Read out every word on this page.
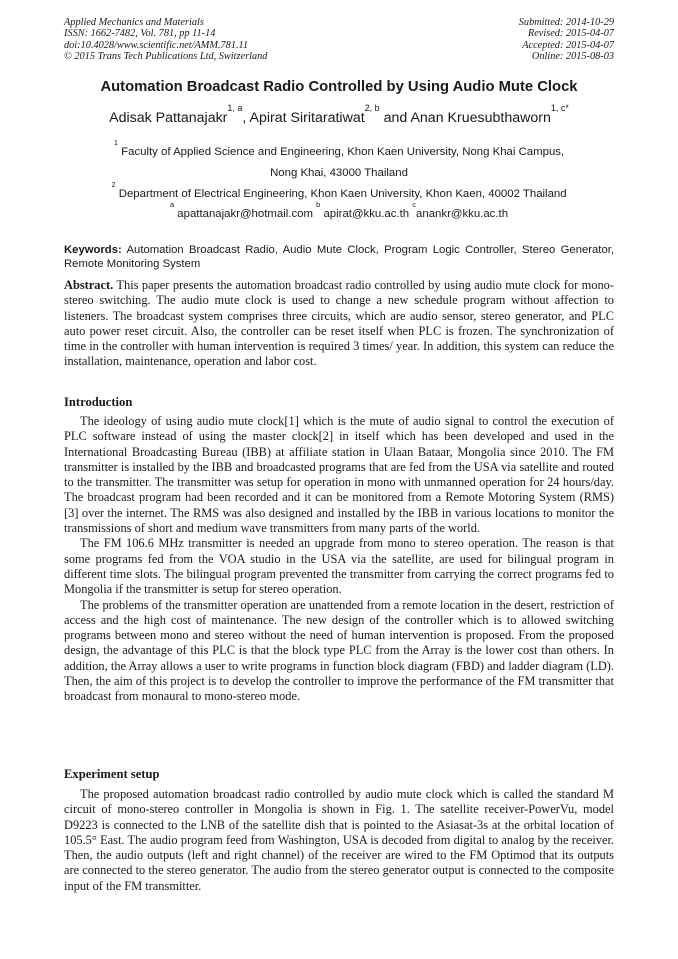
Applied Mechanics and Materials
ISSN: 1662-7482, Vol. 781, pp 11-14
doi:10.4028/www.scientific.net/AMM.781.11
© 2015 Trans Tech Publications Ltd, Switzerland
Submitted: 2014-10-29
Revised: 2015-04-07
Accepted: 2015-04-07
Online: 2015-08-03
Automation Broadcast Radio Controlled by Using Audio Mute Clock
Adisak Pattanajakr$^{1, a}$, Apirat Siritaratiwat$^{2, b}$ and Anan Kruesubthaworn$^{1, c*}$
$^1$ Faculty of Applied Science and Engineering, Khon Kaen University, Nong Khai Campus,
Nong Khai, 43000 Thailand
$^2$ Department of Electrical Engineering, Khon Kaen University, Khon Kaen, 40002 Thailand
$^a$ apattanajakr@hotmail.com $^b$ apirat@kku.ac.th $^c$anankr@kku.ac.th
Keywords: Automation Broadcast Radio, Audio Mute Clock, Program Logic Controller, Stereo Generator, Remote Monitoring System

Abstract. This paper presents the automation broadcast radio controlled by using audio mute clock for mono-stereo switching. The audio mute clock is used to change a new schedule program without affection to listeners. The broadcast system comprises three circuits, which are audio sensor, stereo generator, and PLC auto power reset circuit. Also, the controller can be reset itself when PLC is frozen. The synchronization of time in the controller with human intervention is required 3 times/ year. In addition, this system can reduce the installation, maintenance, operation and labor cost.

Introduction

The ideology of using audio mute clock[1] which is the mute of audio signal to control the execution of PLC software instead of using the master clock[2] in itself which has been developed and used in the International Broadcasting Bureau (IBB) at affiliate station in Ulaan Bataar, Mongolia since 2010. The FM transmitter is installed by the IBB and broadcasted programs that are fed from the USA via satellite and routed to the transmitter. The transmitter was setup for operation in mono with unmanned operation for 24 hours/day. The broadcast program had been recorded and it can be monitored from a Remote Motoring System (RMS) [3] over the internet. The RMS was also designed and installed by the IBB in various locations to monitor the transmissions of short and medium wave transmitters from many parts of the world.

The FM 106.6 MHz transmitter is needed an upgrade from mono to stereo operation. The reason is that some programs fed from the VOA studio in the USA via the satellite, are used for bilingual program in different time slots. The bilingual program prevented the transmitter from carrying the correct programs fed to Mongolia if the transmitter is setup for stereo operation.

The problems of the transmitter operation are unattended from a remote location in the desert, restriction of access and the high cost of maintenance. The new design of the controller which is to allowed switching programs between mono and stereo without the need of human intervention is proposed. From the proposed design, the advantage of this PLC is that the block type PLC from the Array is the lower cost than others. In addition, the Array allows a user to write programs in function block diagram (FBD) and ladder diagram (LD). Then, the aim of this project is to develop the controller to improve the performance of the FM transmitter that broadcast from monaural to mono-stereo mode.

Experiment setup

The proposed automation broadcast radio controlled by audio mute clock which is called the standard M circuit of mono-stereo controller in Mongolia is shown in Fig. 1. The satellite receiver-PowerVu, model D9223 is connected to the LNB of the satellite dish that is pointed to the Asiasat-3s at the orbital location of 105.5° East. The audio program feed from Washington, USA is decoded from digital to analog by the receiver. Then, the audio outputs (left and right channel) of the receiver are wired to the FM Optimod that its outputs are connected to the stereo generator. The audio from the stereo generator output is connected to the composite input of the FM transmitter.
